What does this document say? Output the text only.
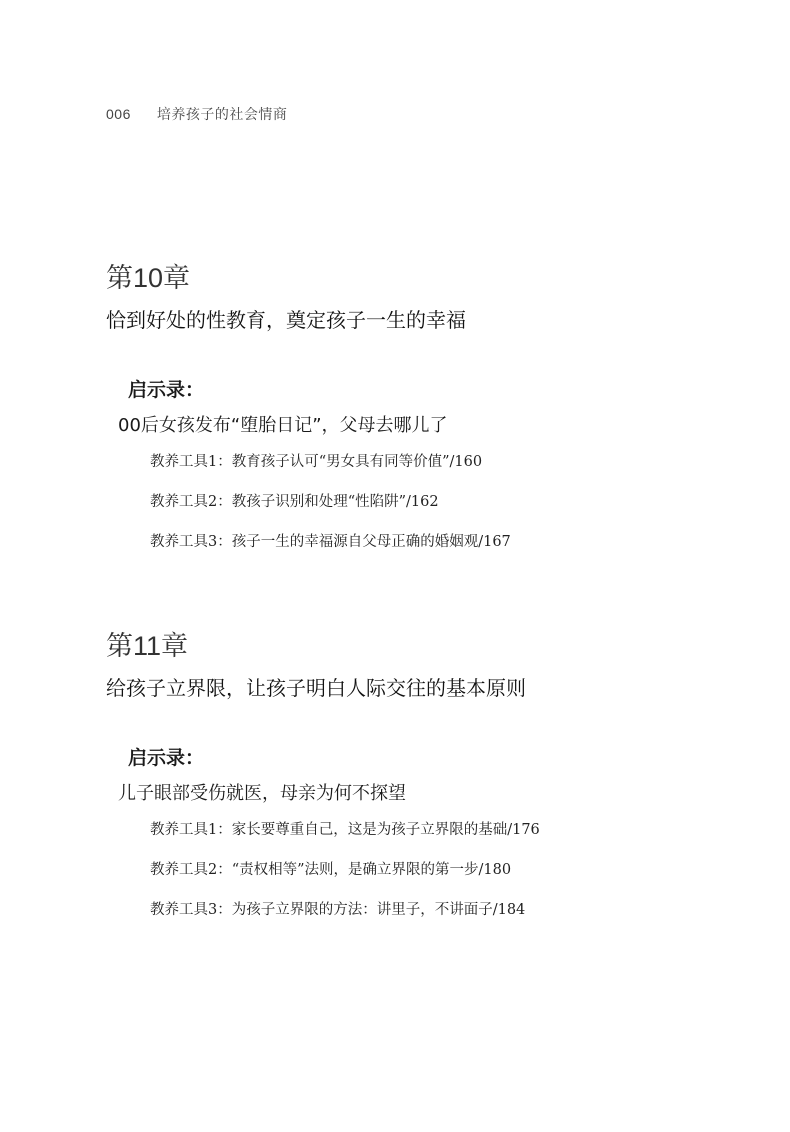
006 培养孩子的社会情商
第10章
恰到好处的性教育，奠定孩子一生的幸福
启示录：
00后女孩发布“堕胎日记”，父母去哪儿了
教养工具1：教育孩子认可“男女具有同等价值”/160
教养工具2：教孩子识别和处理“性陷阱”/162
教养工具3：孩子一生的幸福源自父母正确的婚姻观/167
第11章
给孩子立界限，让孩子明白人际交往的基本原则
启示录：
儿子眼部受伤就医，母亲为何不探望
教养工具1：家长要尊重自己，这是为孩子立界限的基础/176
教养工具2：“责权相等”法则，是确立界限的第一步/180
教养工具3：为孩子立界限的方法：讲里子，不讲面子/184
